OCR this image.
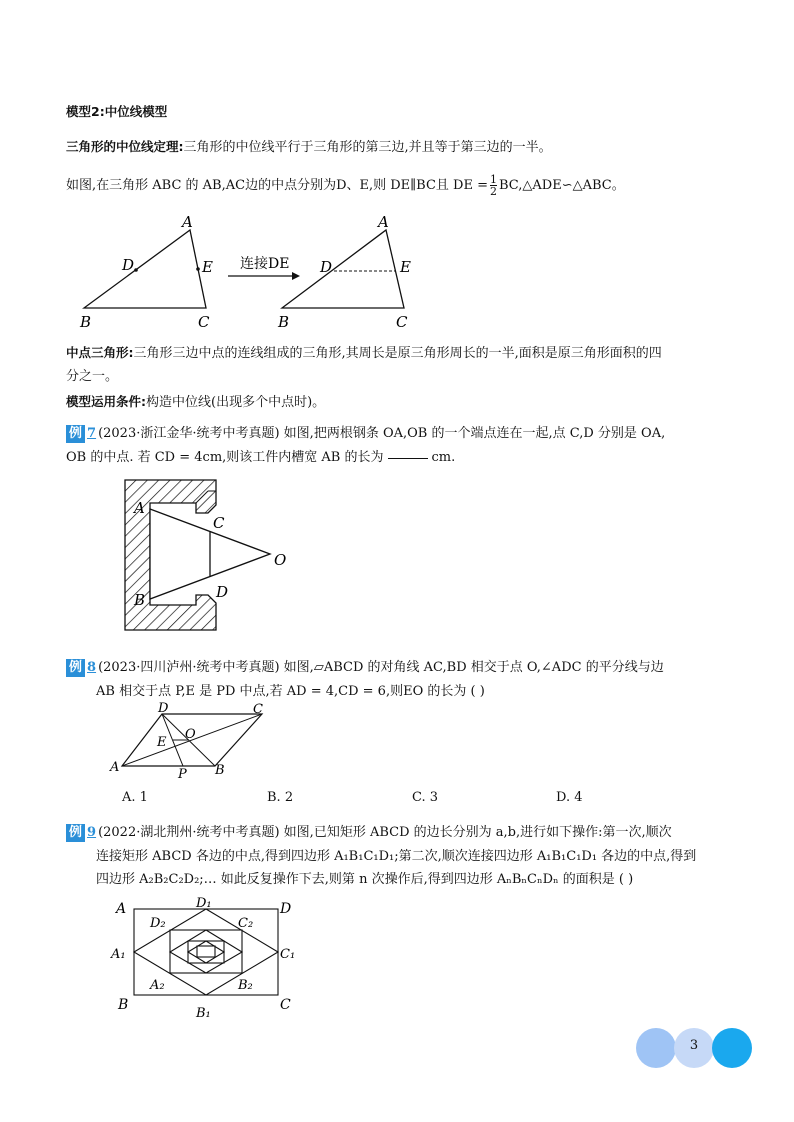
模型2:中位线模型
三角形的中位线定理:三角形的中位线平行于三角形的第三边,并且等于第三边的一半。
如图,在三角形 ABC 的 AB,AC边的中点分别为D、E,则 DE∥BC且 DE = $\frac{1}{2}$ BC,△ADE∽△ABC。
A
D	E
B	C
连接DE
A
D	E
B	C
中点三角形:三角形三边中点的连线组成的三角形,其周长是原三角形周长的一半,面积是原三角形面积的四
分之一。
模型运用条件:构造中位线(出现多个中点时)。
例 7 (2023·浙江金华·统考中考真题) 如图,把两根钢条 OA,OB 的一个端点连在一起,点 C,D 分别是 OA,
OB 的中点. 若 CD = 4cm,则该工件内槽宽 AB 的长为	cm.
A
C
O
D
B
例 8 (2023·四川泸州·统考中考真题) 如图,▱ABCD 的对角线 AC,BD 相交于点 O,∠ADC 的平分线与边
AB 相交于点 P,E 是 PD 中点,若 AD = 4,CD = 6,则EO 的长为 ( )
D	C
E
O
A	P B
A. 1	B. 2	C. 3	D. 4
例 9 (2022·湖北荆州·统考中考真题) 如图,已知矩形 ABCD 的边长分别为 a,b,进行如下操作:第一次,顺次
连接矩形 ABCD 各边的中点,得到四边形 A₁B₁C₁D₁;第二次,顺次连接四边形 A₁B₁C₁D₁ 各边的中点,得到
四边形 A₂B₂C₂D₂;… 如此反复操作下去,则第 n 次操作后,得到四边形 AₙBₙCₙDₙ 的面积是 ( )
A	D
B	C
D₁
B₁
A₁	C₁
D₂	C₂
A₂	B₂
3
